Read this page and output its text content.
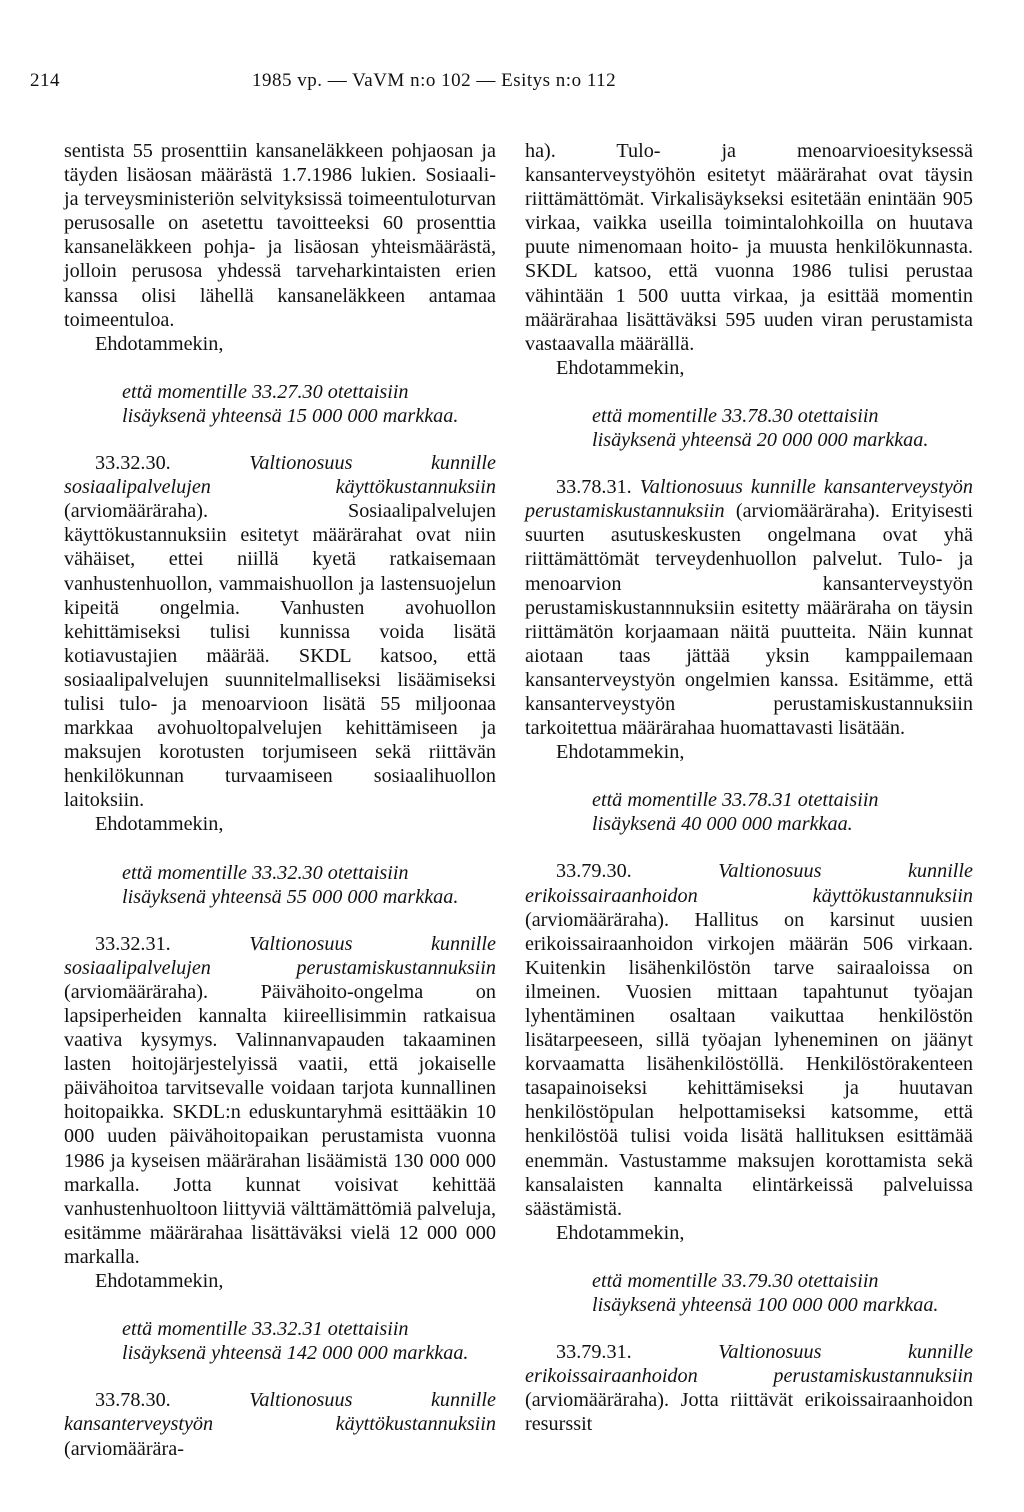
214	1985 vp. — VaVM n:o 102 — Esitys n:o 112

sentista 55 prosenttiin kansaneläkkeen pohjaosan ja täyden lisäosan määrästä 1.7.1986 lukien. Sosiaali- ja terveysministeriön selvityksissä toimeentuloturvan perusosalle on asetettu tavoitteeksi 60 prosenttia kansaneläkkeen pohja- ja lisäosan yhteismäärästä, jolloin perusosa yhdessä tarveharkintaisten erien kanssa olisi lähellä kansaneläkkeen antamaa toimeentuloa.

Ehdotammekin,

että momentille 33.27.30 otettaisiin
lisäyksenä yhteensä 15 000 000 markkaa.

33.32.30.	Valtionosuus kunnille sosiaalipalvelujen käyttökustannuksiin (arviomääräraha). Sosiaalipalvelujen käyttökustannuksiin esitetyt määrärahat ovat niin vähäiset, ettei niillä kyetä ratkaisemaan vanhustenhuollon, vammaishuollon ja lastensuojelun kipeitä ongelmia. Vanhusten avohuollon kehittämiseksi tulisi kunnissa voida lisätä kotiavustajien määrää. SKDL katsoo, että sosiaalipalvelujen suunnitelmalliseksi lisäämiseksi tulisi tulo- ja menoarvioon lisätä 55 miljoonaa markkaa avohuoltopalvelujen kehittämiseen ja maksujen korotusten torjumiseen sekä riittävän henkilökunnan turvaamiseen sosiaalihuollon laitoksiin.

Ehdotammekin,

että momentille 33.32.30 otettaisiin
lisäyksenä yhteensä 55 000 000 markkaa.

33.32.31.	Valtionosuus kunnille sosiaalipalvelujen perustamiskustannuksiin (arviomääräraha). Päivähoito-ongelma on lapsiperheiden kannalta kiireellisimmin ratkaisua vaativa kysymys. Valinnanvapauden takaaminen lasten hoitojärjestelyissä vaatii, että jokaiselle päivähoitoa tarvitsevalle voidaan tarjota kunnallinen hoitopaikka. SKDL:n eduskuntaryhmä esittääkin 10 000 uuden päivähoitopaikan perustamista vuonna 1986 ja kyseisen määrärahan lisäämistä 130 000 000 markalla. Jotta kunnat voisivat kehittää vanhustenhuoltoon liittyviä välttämättömiä palveluja, esitämme määrärahaa lisättäväksi vielä 12 000 000 markalla.

Ehdotammekin,

että momentille 33.32.31 otettaisiin
lisäyksenä yhteensä 142 000 000 markkaa.

33.78.30.	Valtionosuus kunnille kansanterveystyön käyttökustannuksiin (arviomäärära-

ha). Tulo- ja menoarvioesityksessä kansanterveystyöhön esitetyt määrärahat ovat täysin riittämättömät. Virkalisäykseksi esitetään enintään 905 virkaa, vaikka useilla toimintalohkoilla on huutava puute nimenomaan hoito- ja muusta henkilökunnasta. SKDL katsoo, että vuonna 1986 tulisi perustaa vähintään 1 500 uutta virkaa, ja esittää momentin määrärahaa lisättäväksi 595 uuden viran perustamista vastaavalla määrällä.

Ehdotammekin,

että momentille 33.78.30 otettaisiin
lisäyksenä yhteensä 20 000 000 markkaa.

33.78.31. Valtionosuus kunnille kansanterveystyön perustamiskustannuksiin (arviomääräraha). Erityisesti suurten asutuskeskusten ongelmana ovat yhä riittämättömät terveydenhuollon palvelut. Tulo- ja menoarvion kansanterveystyön perustamiskustannnuksiin esitetty määräraha on täysin riittämätön korjaamaan näitä puutteita. Näin kunnat aiotaan taas jättää yksin kamppailemaan kansanterveystyön ongelmien kanssa. Esitämme, että kansanterveystyön perustamiskustannuksiin tarkoitettua määrärahaa huomattavasti lisätään.

Ehdotammekin,

että momentille 33.78.31 otettaisiin
lisäyksenä 40 000 000 markkaa.

33.79.30.	Valtionosuus kunnille erikoissairaanhoidon käyttökustannuksiin (arviomääräraha). Hallitus on karsinut uusien erikoissairaanhoidon virkojen määrän 506 virkaan. Kuitenkin lisähenkilöstön tarve sairaaloissa on ilmeinen. Vuosien mittaan tapahtunut työajan lyhentäminen osaltaan vaikuttaa henkilöstön lisätarpeeseen, sillä työajan lyheneminen on jäänyt korvaamatta lisähenkilöstöllä. Henkilöstörakenteen tasapainoiseksi kehittämiseksi ja huutavan henkilöstöpulan helpottamiseksi katsomme, että henkilöstöä tulisi voida lisätä hallituksen esittämää enemmän. Vastustamme maksujen korottamista sekä kansalaisten kannalta elintärkeissä palveluissa säästämistä.

Ehdotammekin,

että momentille 33.79.30 otettaisiin
lisäyksenä yhteensä 100 000 000 markkaa.

33.79.31.	Valtionosuus kunnille erikoissairaanhoidon perustamiskustannuksiin (arviomääräraha). Jotta riittävät erikoissairaanhoidon resurssit
